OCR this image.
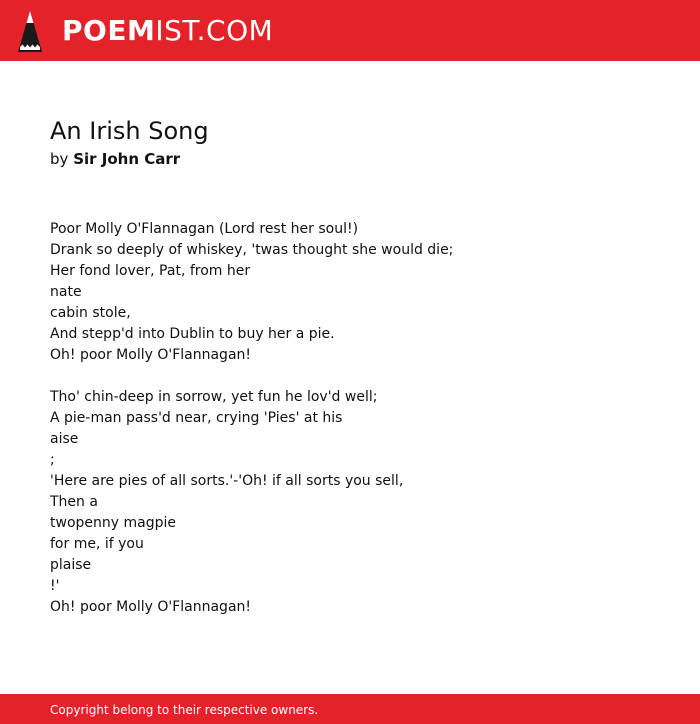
POEMIST.COM
An Irish Song
by Sir John Carr
Poor Molly O'Flannagan (Lord rest her soul!)
Drank so deeply of whiskey, 'twas thought she would die;
Her fond lover, Pat, from her
nate
cabin stole,
And stepp'd into Dublin to buy her a pie.
Oh! poor Molly O'Flannagan!
Tho' chin-deep in sorrow, yet fun he lov'd well;
A pie-man pass'd near, crying 'Pies' at his
aise
;
'Here are pies of all sorts.'-'Oh! if all sorts you sell,
Then a
twopenny magpie
for me, if you
plaise
!'
Oh! poor Molly O'Flannagan!
Copyright belong to their respective owners.
